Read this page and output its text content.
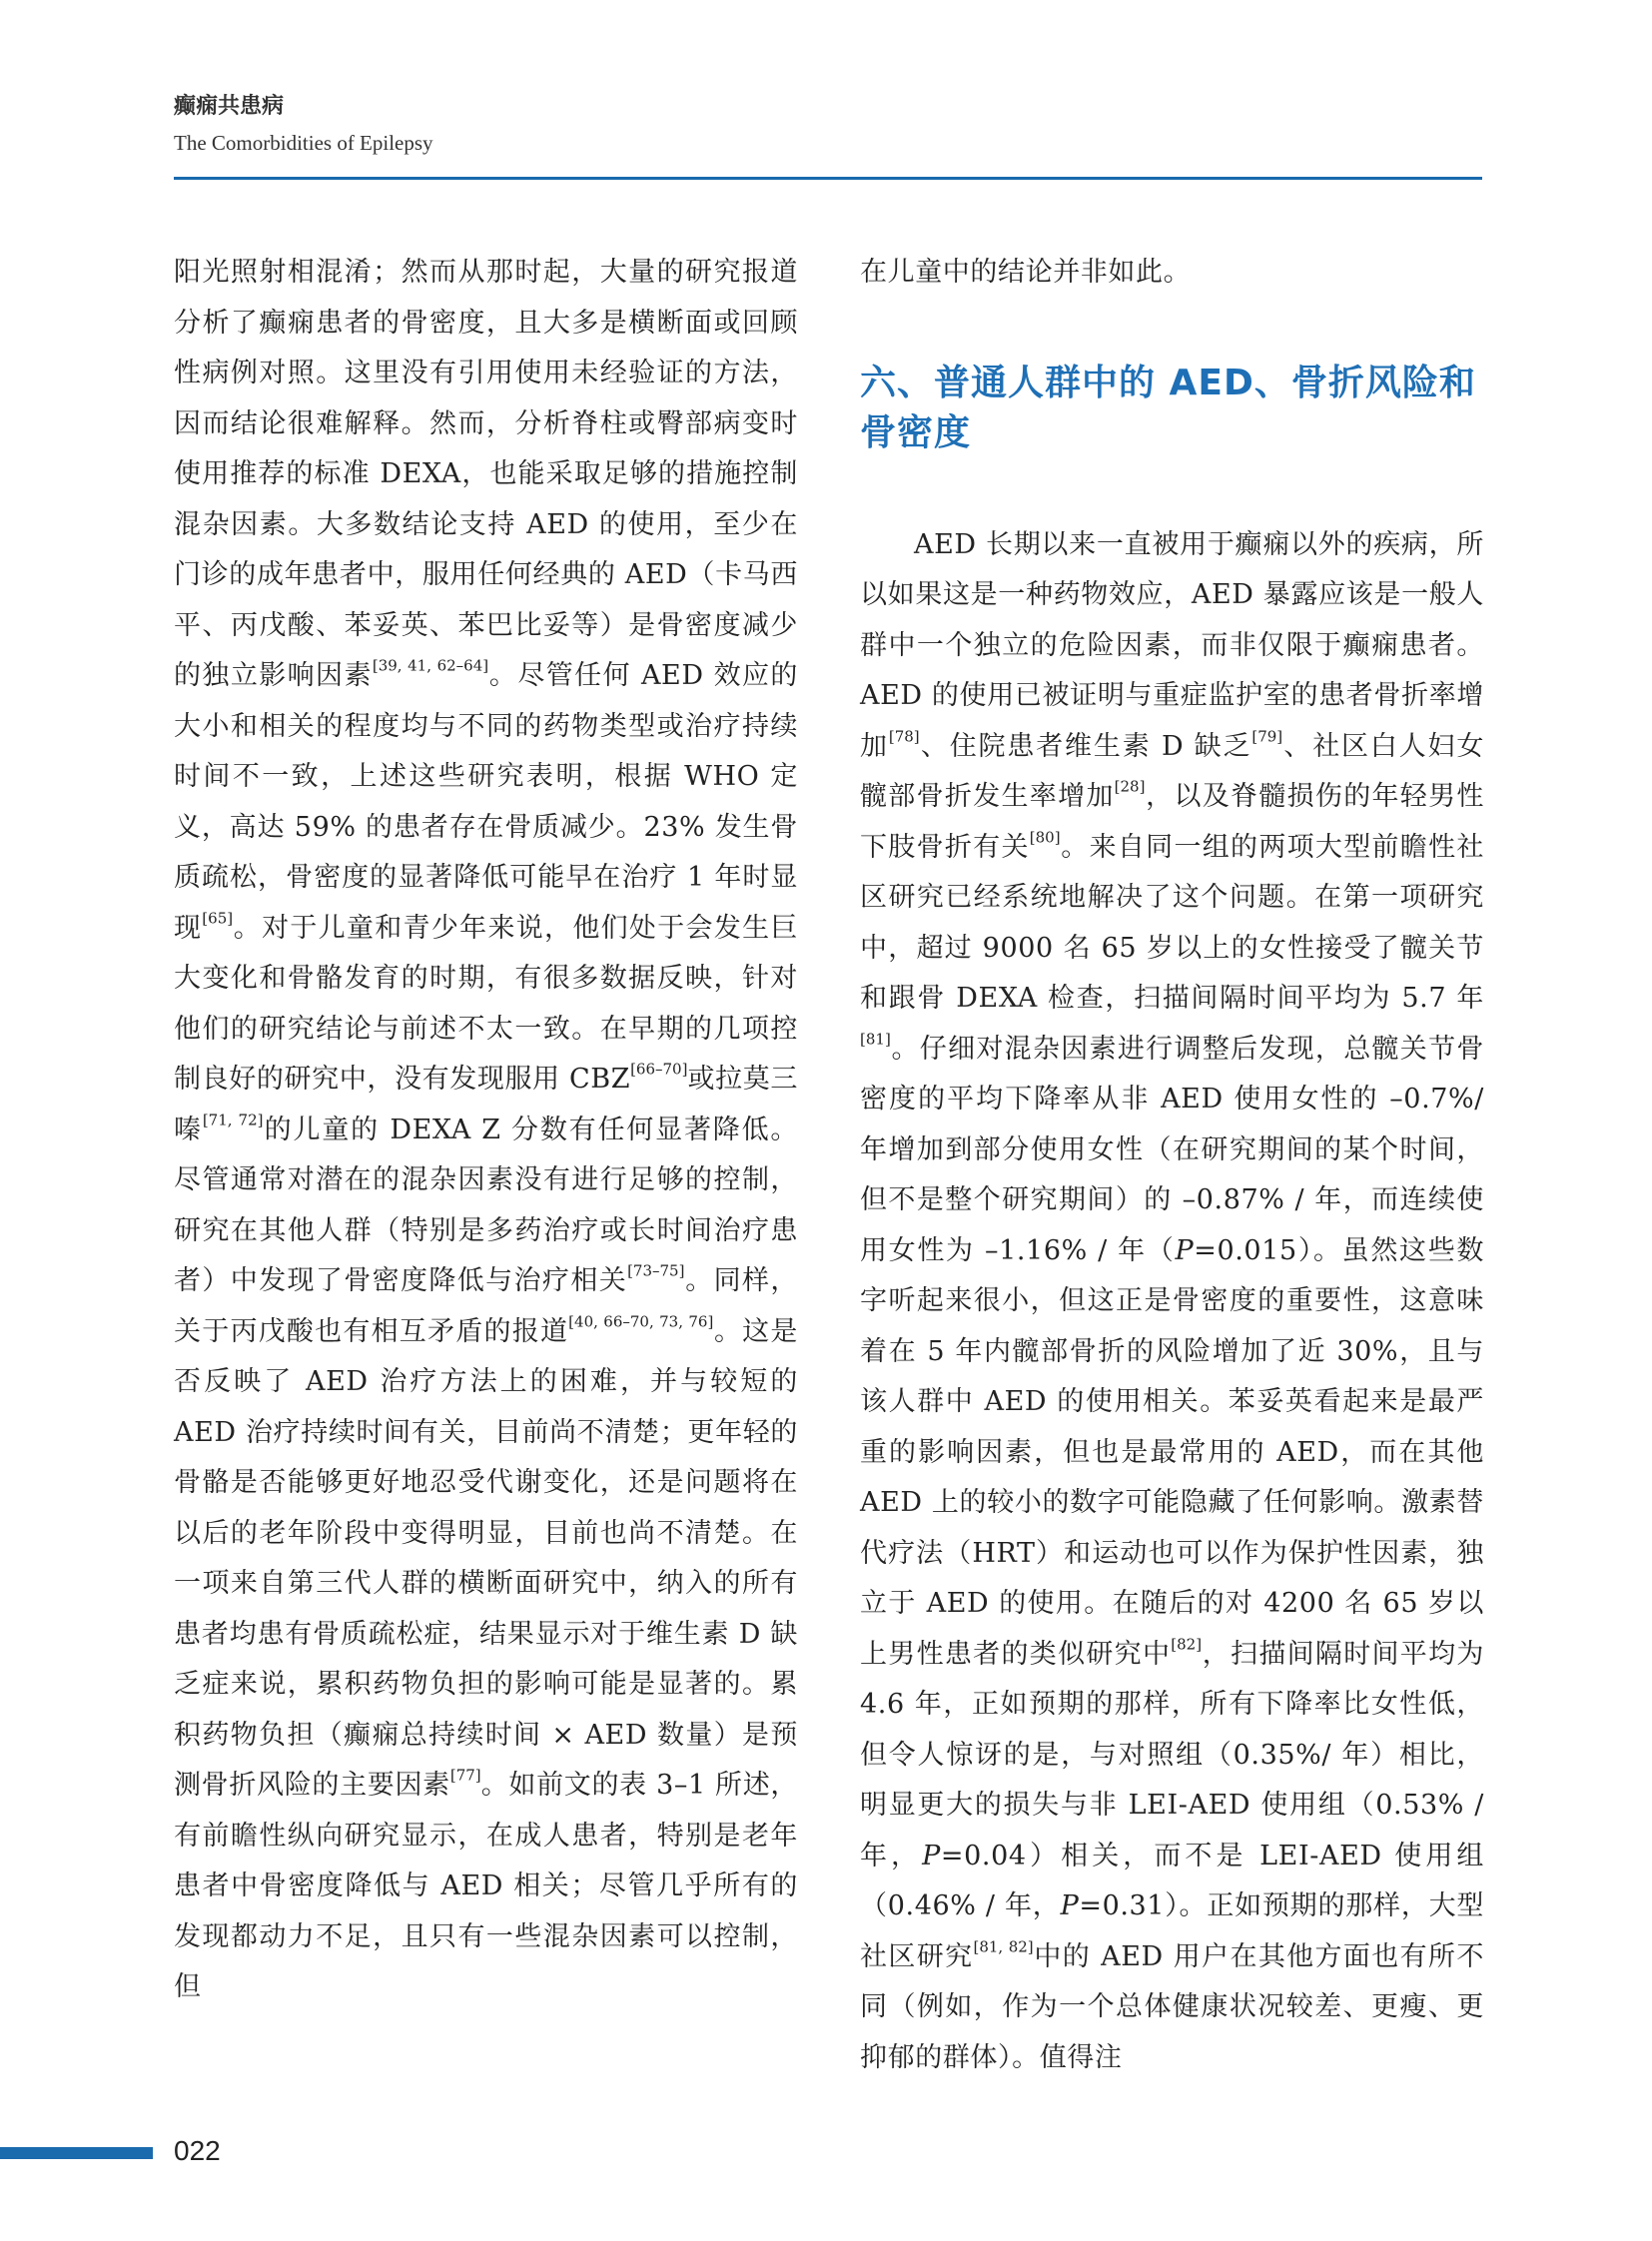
癫痫共患病
The Comorbidities of Epilepsy

阳光照射相混淆；然而从那时起，大量的研究报道分析了癫痫患者的骨密度，且大多是横断面或回顾性病例对照。这里没有引用使用未经验证的方法，因而结论很难解释。然而，分析脊柱或臀部病变时使用推荐的标准 DEXA，也能采取足够的措施控制混杂因素。大多数结论支持 AED 的使用，至少在门诊的成年患者中，服用任何经典的 AED（卡马西平、丙戊酸、苯妥英、苯巴比妥等）是骨密度减少的独立影响因素[39, 41, 62–64]。尽管任何 AED 效应的大小和相关的程度均与不同的药物类型或治疗持续时间不一致，上述这些研究表明，根据 WHO 定义，高达 59% 的患者存在骨质减少。23% 发生骨质疏松，骨密度的显著降低可能早在治疗 1 年时显现[65]。对于儿童和青少年来说，他们处于会发生巨大变化和骨骼发育的时期，有很多数据反映，针对他们的研究结论与前述不太一致。在早期的几项控制良好的研究中，没有发现服用 CBZ[66–70]或拉莫三嗪[71, 72]的儿童的 DEXA Z 分数有任何显著降低。尽管通常对潜在的混杂因素没有进行足够的控制，研究在其他人群（特别是多药治疗或长时间治疗患者）中发现了骨密度降低与治疗相关[73–75]。同样，关于丙戊酸也有相互矛盾的报道[40, 66–70, 73, 76]。这是否反映了 AED 治疗方法上的困难，并与较短的 AED 治疗持续时间有关，目前尚不清楚；更年轻的骨骼是否能够更好地忍受代谢变化，还是问题将在以后的老年阶段中变得明显，目前也尚不清楚。在一项来自第三代人群的横断面研究中，纳入的所有患者均患有骨质疏松症，结果显示对于维生素 D 缺乏症来说，累积药物负担的影响可能是显著的。累积药物负担（癫痫总持续时间 × AED 数量）是预测骨折风险的主要因素[77]。如前文的表 3–1 所述，有前瞻性纵向研究显示，在成人患者，特别是老年患者中骨密度降低与 AED 相关；尽管几乎所有的发现都动力不足，且只有一些混杂因素可以控制，但

在儿童中的结论并非如此。

六、普通人群中的 AED、骨折风险和骨密度

AED 长期以来一直被用于癫痫以外的疾病，所以如果这是一种药物效应，AED 暴露应该是一般人群中一个独立的危险因素，而非仅限于癫痫患者。AED 的使用已被证明与重症监护室的患者骨折率增加[78]、住院患者维生素 D 缺乏[79]、社区白人妇女髋部骨折发生率增加[28]，以及脊髓损伤的年轻男性下肢骨折有关[80]。来自同一组的两项大型前瞻性社区研究已经系统地解决了这个问题。在第一项研究中，超过 9000 名 65 岁以上的女性接受了髋关节和跟骨 DEXA 检查，扫描间隔时间平均为 5.7 年[81]。仔细对混杂因素进行调整后发现，总髋关节骨密度的平均下降率从非 AED 使用女性的 –0.7%/ 年增加到部分使用女性（在研究期间的某个时间，但不是整个研究期间）的 –0.87% / 年，而连续使用女性为 –1.16% / 年（P=0.015）。虽然这些数字听起来很小，但这正是骨密度的重要性，这意味着在 5 年内髋部骨折的风险增加了近 30%，且与该人群中 AED 的使用相关。苯妥英看起来是最严重的影响因素，但也是最常用的 AED，而在其他 AED 上的较小的数字可能隐藏了任何影响。激素替代疗法（HRT）和运动也可以作为保护性因素，独立于 AED 的使用。在随后的对 4200 名 65 岁以上男性患者的类似研究中[82]，扫描间隔时间平均为 4.6 年，正如预期的那样，所有下降率比女性低，但令人惊讶的是，与对照组（0.35%/ 年）相比，明显更大的损失与非 LEI-AED 使用组（0.53% / 年，P=0.04）相关，而不是 LEI-AED 使用组（0.46% / 年，P=0.31）。正如预期的那样，大型社区研究[81, 82]中的 AED 用户在其他方面也有所不同（例如，作为一个总体健康状况较差、更瘦、更抑郁的群体）。值得注

022
